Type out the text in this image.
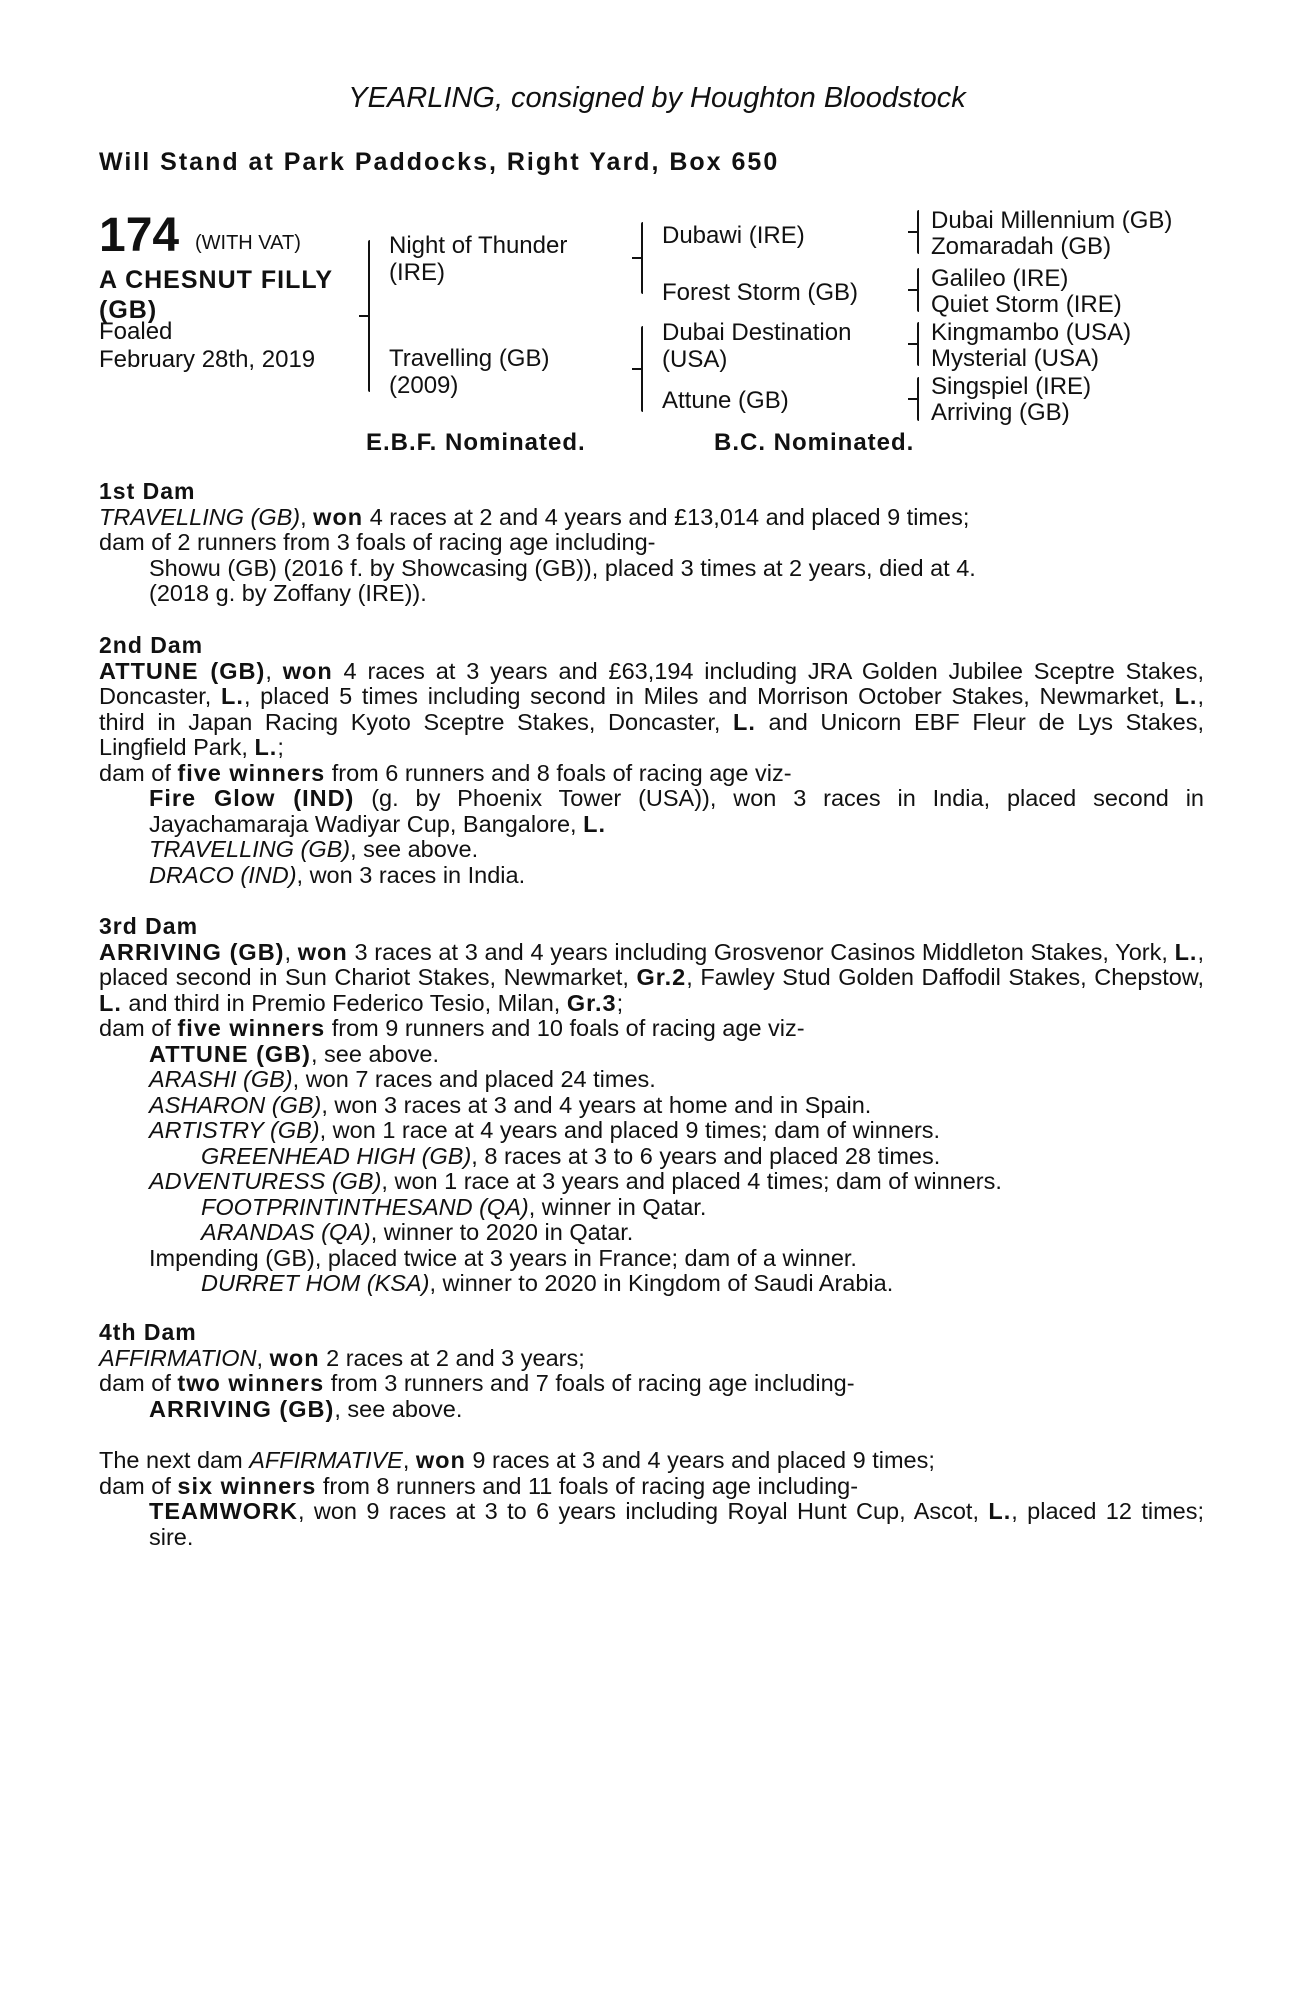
YEARLING, consigned by Houghton Bloodstock
Will Stand at Park Paddocks, Right Yard, Box 650
174 (WITH VAT)
A CHESNUT FILLY
(GB)
Foaled
February 28th, 2019
Night of Thunder
(IRE)
Travelling (GB)
(2009)
Dubawi (IRE)
Forest Storm (GB)
Dubai Destination
(USA)
Attune (GB)
Dubai Millennium (GB)
Zomaradah (GB)
Galileo (IRE)
Quiet Storm (IRE)
Kingmambo (USA)
Mysterial (USA)
Singspiel (IRE)
Arriving (GB)
E.B.F. Nominated.	B.C. Nominated.

1st Dam

TRAVELLING (GB), won 4 races at 2 and 4 years and £13,014 and placed 9 times;

dam of 2 runners from 3 foals of racing age including-

Showu (GB) (2016 f. by Showcasing (GB)), placed 3 times at 2 years, died at 4.

(2018 g. by Zoffany (IRE)).

2nd Dam

ATTUNE (GB), won 4 races at 3 years and £63,194 including JRA Golden Jubilee Sceptre Stakes, Doncaster, L., placed 5 times including second in Miles and Morrison October Stakes, Newmarket, L., third in Japan Racing Kyoto Sceptre Stakes, Doncaster, L. and Unicorn EBF Fleur de Lys Stakes, Lingfield Park, L.;

dam of five winners from 6 runners and 8 foals of racing age viz-

Fire Glow (IND) (g. by Phoenix Tower (USA)), won 3 races in India, placed second in Jayachamaraja Wadiyar Cup, Bangalore, L.

TRAVELLING (GB), see above.

DRACO (IND), won 3 races in India.

3rd Dam

ARRIVING (GB), won 3 races at 3 and 4 years including Grosvenor Casinos Middleton Stakes, York, L., placed second in Sun Chariot Stakes, Newmarket, Gr.2, Fawley Stud Golden Daffodil Stakes, Chepstow, L. and third in Premio Federico Tesio, Milan, Gr.3;

dam of five winners from 9 runners and 10 foals of racing age viz-

ATTUNE (GB), see above.

ARASHI (GB), won 7 races and placed 24 times.

ASHARON (GB), won 3 races at 3 and 4 years at home and in Spain.

ARTISTRY (GB), won 1 race at 4 years and placed 9 times; dam of winners.

GREENHEAD HIGH (GB), 8 races at 3 to 6 years and placed 28 times.

ADVENTURESS (GB), won 1 race at 3 years and placed 4 times; dam of winners.

FOOTPRINTINTHESAND (QA), winner in Qatar.

ARANDAS (QA), winner to 2020 in Qatar.

Impending (GB), placed twice at 3 years in France; dam of a winner.

DURRET HOM (KSA), winner to 2020 in Kingdom of Saudi Arabia.

4th Dam

AFFIRMATION, won 2 races at 2 and 3 years;

dam of two winners from 3 runners and 7 foals of racing age including-

ARRIVING (GB), see above.

The next dam AFFIRMATIVE, won 9 races at 3 and 4 years and placed 9 times;

dam of six winners from 8 runners and 11 foals of racing age including-

TEAMWORK, won 9 races at 3 to 6 years including Royal Hunt Cup, Ascot, L., placed 12 times; sire.
